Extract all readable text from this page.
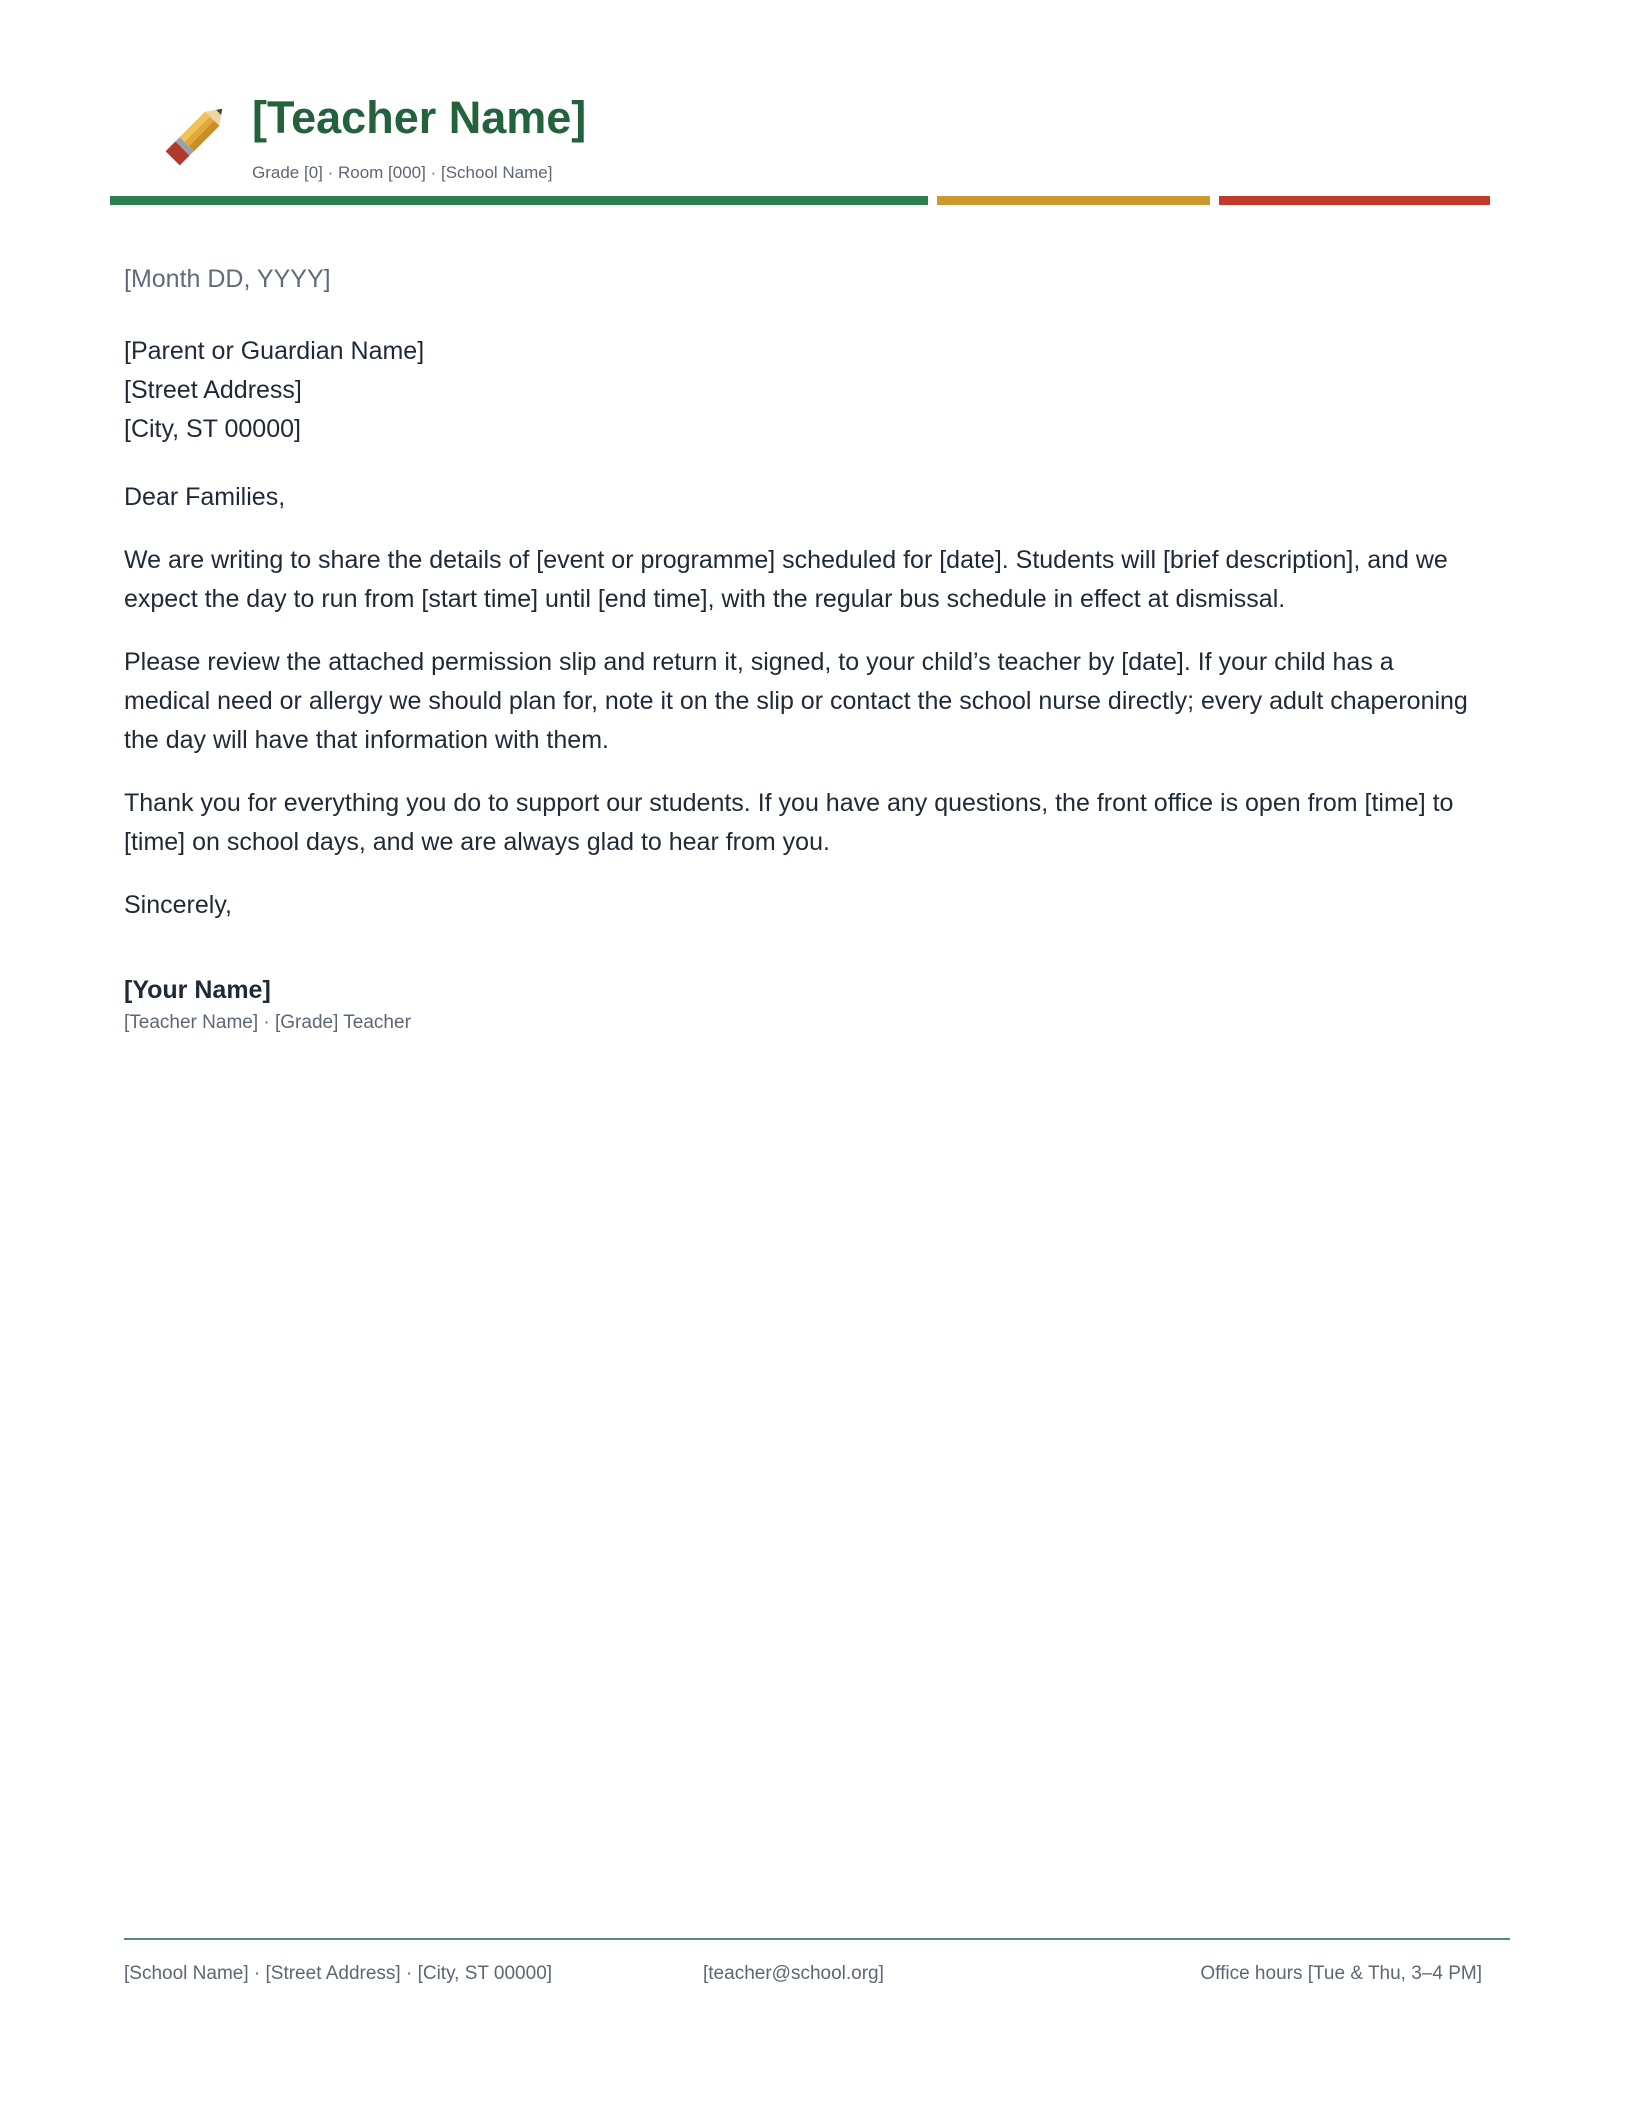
[Teacher Name]
Grade [0] · Room [000] · [School Name]
[Month DD, YYYY]

[Parent or Guardian Name]

[Street Address]

[City, ST 00000]

Dear Families,

We are writing to share the details of [event or programme] scheduled for [date]. Students will [brief description], and we expect the day to run from [start time] until [end time], with the regular bus schedule in effect at dismissal.

Please review the attached permission slip and return it, signed, to your child’s teacher by [date]. If your child has a medical need or allergy we should plan for, note it on the slip or contact the school nurse directly; every adult chaperoning the day will have that information with them.

Thank you for everything you do to support our students. If you have any questions, the front office is open from [time] to [time] on school days, and we are always glad to hear from you.

Sincerely,

[Your Name]
[Teacher Name] · [Grade] Teacher
[School Name] · [Street Address] · [City, ST 00000]	[teacher@school.org]	Office hours [Tue & Thu, 3–4 PM]
